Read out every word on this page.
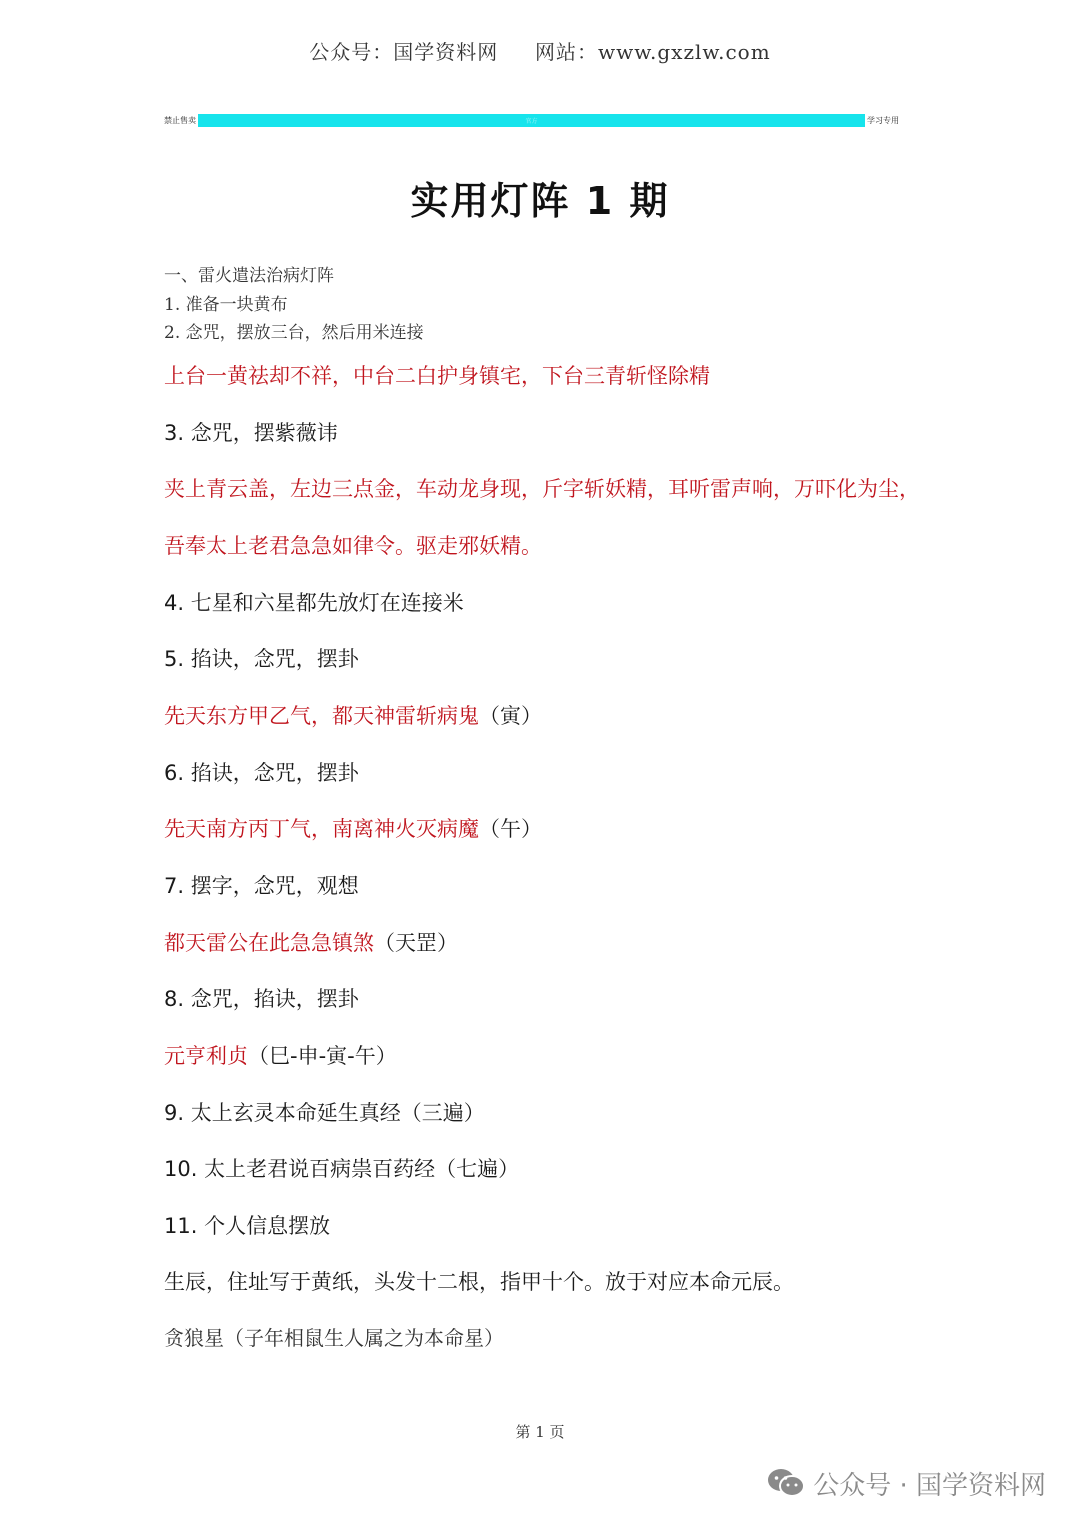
公众号：国学资料网 网站：www.gxzlw.com
禁止售卖	官方	学习专用
实用灯阵 1 期
一、雷火遣法治病灯阵
1. 准备一块黄布
2. 念咒，摆放三台，然后用米连接
上台一黄祛却不祥，中台二白护身镇宅，下台三青斩怪除精
3. 念咒，摆紫薇讳
夹上青云盖，左边三点金，车动龙身现，斤字斩妖精，耳听雷声响，万吓化为尘，
吾奉太上老君急急如律令。驱走邪妖精。
4. 七星和六星都先放灯在连接米
5. 掐诀，念咒，摆卦
先天东方甲乙气，都天神雷斩病鬼（寅）
6. 掐诀，念咒，摆卦
先天南方丙丁气，南离神火灭病魔（午）
7. 摆字，念咒，观想
都天雷公在此急急镇煞（天罡）
8. 念咒，掐诀，摆卦
元亨利贞（巳-申-寅-午）
9. 太上玄灵本命延生真经（三遍）
10. 太上老君说百病祟百药经（七遍）
11. 个人信息摆放
生辰，住址写于黄纸，头发十二根，指甲十个。放于对应本命元辰。
贪狼星（子年相鼠生人属之为本命星）
第 1 页
公众号 · 国学资料网
